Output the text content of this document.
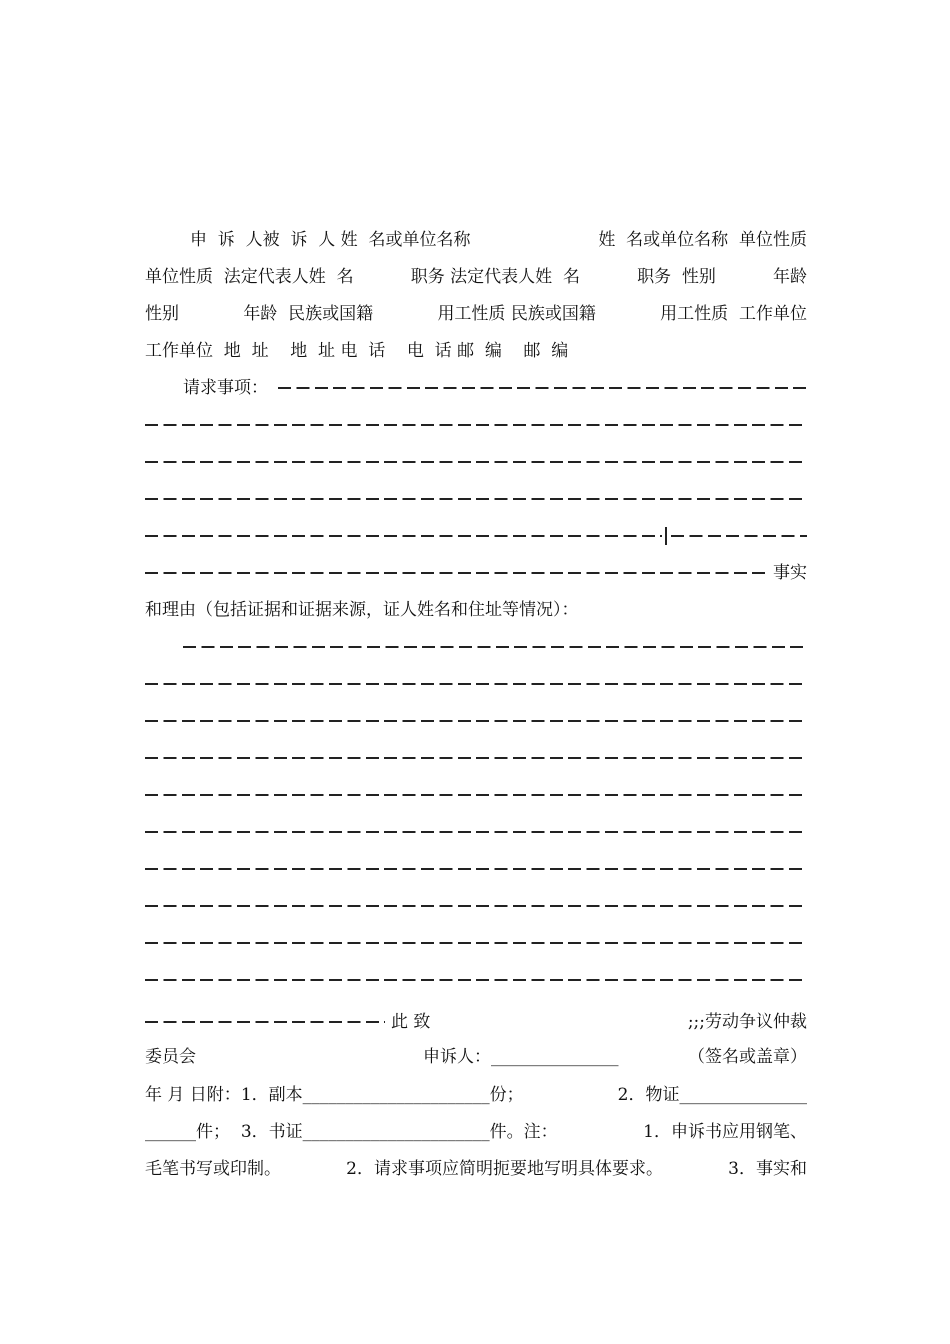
申  诉  人被  诉  人 姓  名或单位名称	姓  名或单位名称  单位性质
单位性质  法定代表人姓  名	职务 法定代表人姓  名	职务  性别	年龄
性别	年龄  民族或国籍	用工性质 民族或国籍	用工性质  工作单位
工作单位  地  址    地  址 电  话    电  话 邮  编    邮  编
请求事项：
事实
和理由（包括证据和证据来源，证人姓名和住址等情况）：
此 致	;;;劳动争议仲裁
委员会	申诉人：_______________	（签名或盖章）
年 月 日附：1．副本______________________份；	2．物证_______________
______件； 3．书证______________________件。注：	1．申诉书应用钢笔、
毛笔书写或印制。	2．请求事项应简明扼要地写明具体要求。	3．事实和
